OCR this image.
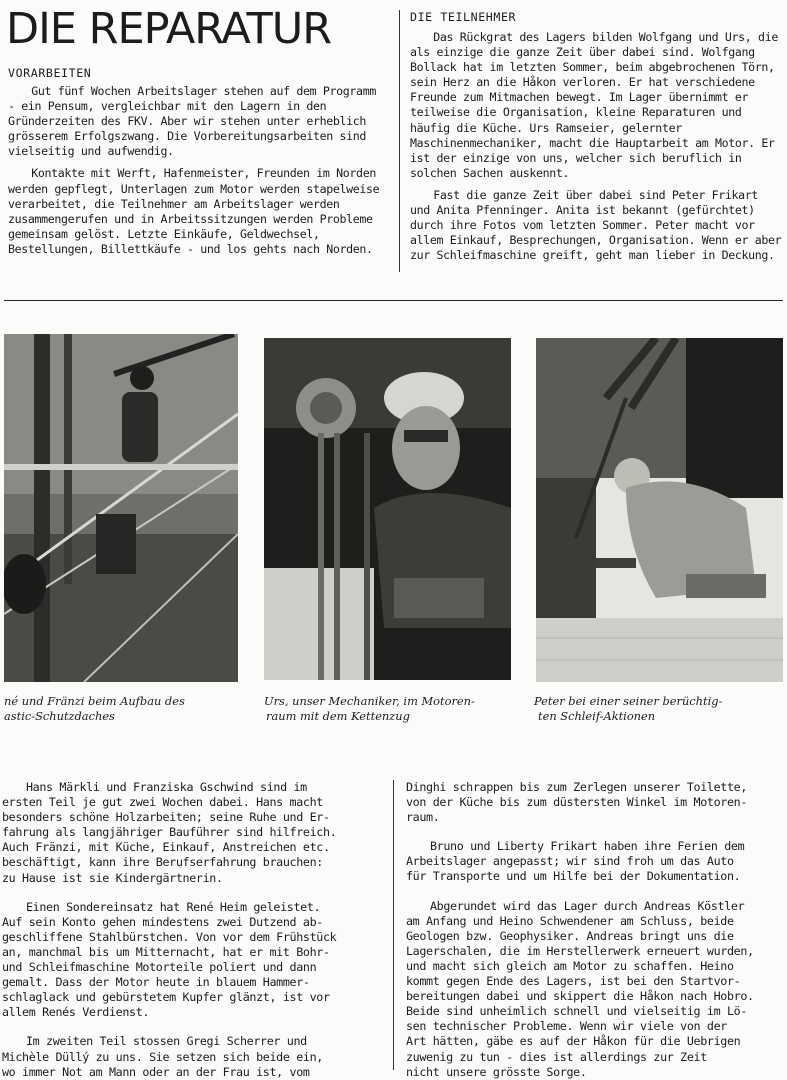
DIE REPARATUR
VORARBEITEN

Gut fünf Wochen Arbeitslager stehen auf dem Programm - ein Pensum, vergleichbar mit den Lagern in den Gründerzeiten des FKV. Aber wir stehen unter erheblich grösserem Erfolgszwang. Die Vorbereitungsarbeiten sind vielseitig und aufwendig.

Kontakte mit Werft, Hafenmeister, Freunden im Norden werden gepflegt, Unterlagen zum Motor werden stapelweise verarbeitet, die Teilnehmer am Arbeitslager werden zusammengerufen und in Arbeitssitzungen werden Probleme gemeinsam gelöst. Letzte Einkäufe, Geldwechsel, Bestellungen, Billettkäufe - und los gehts nach Norden.

DIE TEILNEHMER

Das Rückgrat des Lagers bilden Wolfgang und Urs, die als einzige die ganze Zeit über dabei sind. Wolfgang Bollack hat im letzten Sommer, beim abgebrochenen Törn, sein Herz an die Håkon verloren. Er hat verschiedene Freunde zum Mitmachen bewegt. Im Lager übernimmt er teilweise die Organisation, kleine Reparaturen und häufig die Küche. Urs Ramseier, gelernter Maschinenmechaniker, macht die Hauptarbeit am Motor. Er ist der einzige von uns, welcher sich beruflich in solchen Sachen auskennt.

Fast die ganze Zeit über dabei sind Peter Frikart und Anita Pfenninger. Anita ist bekannt (gefürchtet) durch ihre Fotos vom letzten Sommer. Peter macht vor allem Einkauf, Besprechungen, Organisation. Wenn er aber zur Schleifmaschine greift, geht man lieber in Deckung.

né und Fränzi beim Aufbau des
astic-Schutzdaches
Urs, unser Mechaniker, im Motoren-
raum mit dem Kettenzug
Peter bei einer seiner berüchtig-
ten Schleif-Aktionen
Hans Märkli und Franziska Gschwind sind im
ersten Teil je gut zwei Wochen dabei. Hans macht
besonders schöne Holzarbeiten; seine Ruhe und Er-
fahrung als langjähriger Bauführer sind hilfreich.
Auch Fränzi, mit Küche, Einkauf, Anstreichen etc.
beschäftigt, kann ihre Berufserfahrung brauchen:
zu Hause ist sie Kindergärtnerin.
Einen Sondereinsatz hat René Heim geleistet.
Auf sein Konto gehen mindestens zwei Dutzend ab-
geschliffene Stahlbürstchen. Von vor dem Frühstück
an, manchmal bis um Mitternacht, hat er mit Bohr-
und Schleifmaschine Motorteile poliert und dann
gemalt. Dass der Motor heute in blauem Hammer-
schlaglack und gebürstetem Kupfer glänzt, ist vor
allem Renés Verdienst.
Im zweiten Teil stossen Gregi Scherrer und
Michèle Düllý zu uns. Sie setzen sich beide ein,
wo immer Not am Mann oder an der Frau ist, vom
Dinghi schrappen bis zum Zerlegen unserer Toilette,
von der Küche bis zum düstersten Winkel im Motoren-
raum.
Bruno und Liberty Frikart haben ihre Ferien dem
Arbeitslager angepasst; wir sind froh um das Auto
für Transporte und um Hilfe bei der Dokumentation.
Abgerundet wird das Lager durch Andreas Köstler
am Anfang und Heino Schwendener am Schluss, beide
Geologen bzw. Geophysiker. Andreas bringt uns die
Lagerschalen, die im Herstellerwerk erneuert wurden,
und macht sich gleich am Motor zu schaffen. Heino
kommt gegen Ende des Lagers, ist bei den Startvor-
bereitungen dabei und skippert die Håkon nach Hobro.
Beide sind unheimlich schnell und vielseitig im Lö-
sen technischer Probleme. Wenn wir viele von der
Art hätten, gäbe es auf der Håkon für die Uebrigen
zuwenig zu tun - dies ist allerdings zur Zeit
nicht unsere grösste Sorge.
